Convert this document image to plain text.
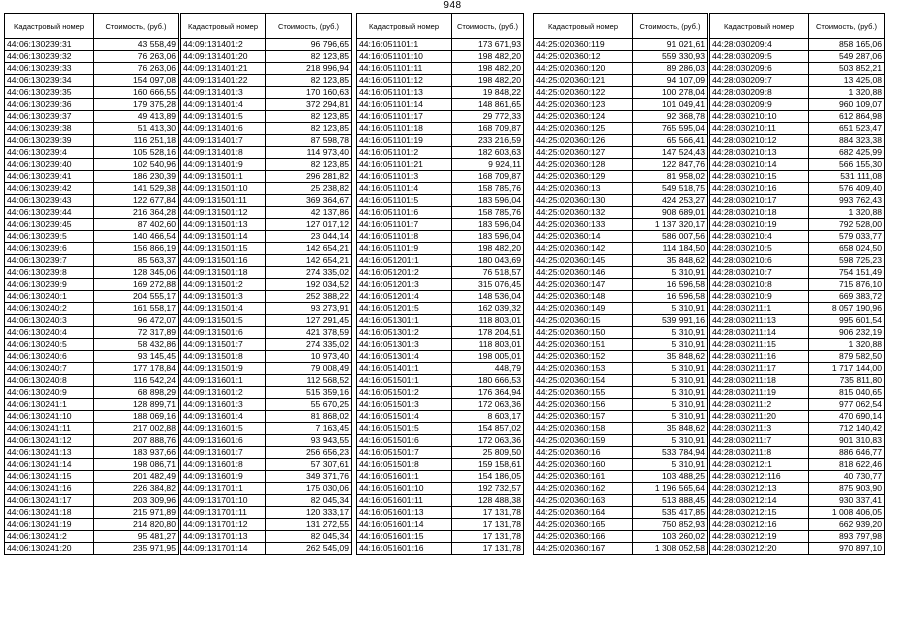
948
Кадастровый номер	Стоимость, (руб.)
44:06:130239:31	43 558,49
44:06:130239:32	76 263,06
44:06:130239:33	76 263,06
44:06:130239:34	154 097,08
44:06:130239:35	160 666,55
44:06:130239:36	179 375,28
44:06:130239:37	49 413,89
44:06:130239:38	51 413,30
44:06:130239:39	116 251,18
44:06:130239:4	105 528,16
44:06:130239:40	102 540,96
44:06:130239:41	186 230,39
44:06:130239:42	141 529,38
44:06:130239:43	122 677,84
44:06:130239:44	216 364,28
44:06:130239:45	87 402,60
44:06:130239:5	140 466,54
44:06:130239:6	156 866,19
44:06:130239:7	85 563,37
44:06:130239:8	128 345,06
44:06:130239:9	169 272,88
44:06:130240:1	204 555,17
44:06:130240:2	161 558,17
44:06:130240:3	96 472,07
44:06:130240:4	72 317,89
44:06:130240:5	58 432,86
44:06:130240:6	93 145,45
44:06:130240:7	177 178,84
44:06:130240:8	116 542,24
44:06:130240:9	68 898,29
44:06:130241:1	128 899,71
44:06:130241:10	188 069,16
44:06:130241:11	217 002,88
44:06:130241:12	207 888,76
44:06:130241:13	183 937,66
44:06:130241:14	198 086,71
44:06:130241:15	201 482,49
44:06:130241:16	226 384,82
44:06:130241:17	203 309,96
44:06:130241:18	215 971,89
44:06:130241:19	214 820,80
44:06:130241:2	95 481,27
44:06:130241:20	235 971,95
Кадастровый номер	Стоимость, (руб.)
44:09:131401:2	96 796,65
44:09:131401:20	82 123,85
44:09:131401:21	218 996,94
44:09:131401:22	82 123,85
44:09:131401:3	170 160,63
44:09:131401:4	372 294,81
44:09:131401:5	82 123,85
44:09:131401:6	82 123,85
44:09:131401:7	87 598,78
44:09:131401:8	114 973,40
44:09:131401:9	82 123,85
44:09:131501:1	296 281,82
44:09:131501:10	25 238,82
44:09:131501:11	369 364,67
44:09:131501:12	42 137,86
44:09:131501:13	127 017,12
44:09:131501:14	23 044,14
44:09:131501:15	142 654,21
44:09:131501:16	142 654,21
44:09:131501:18	274 335,02
44:09:131501:2	192 034,52
44:09:131501:3	252 388,22
44:09:131501:4	93 273,91
44:09:131501:5	127 291,45
44:09:131501:6	421 378,59
44:09:131501:7	274 335,02
44:09:131501:8	10 973,40
44:09:131501:9	79 008,49
44:09:131601:1	112 568,52
44:09:131601:2	515 359,16
44:09:131601:3	55 670,25
44:09:131601:4	81 868,02
44:09:131601:5	7 163,45
44:09:131601:6	93 943,55
44:09:131601:7	256 656,23
44:09:131601:8	57 307,61
44:09:131601:9	349 371,76
44:09:131701:1	175 030,06
44:09:131701:10	82 045,34
44:09:131701:11	120 333,17
44:09:131701:12	131 272,55
44:09:131701:13	82 045,34
44:09:131701:14	262 545,09
Кадастровый номер	Стоимость, (руб.)
44:16:051101:1	173 671,93
44:16:051101:10	198 482,20
44:16:051101:11	198 482,20
44:16:051101:12	198 482,20
44:16:051101:13	19 848,22
44:16:051101:14	148 861,65
44:16:051101:17	29 772,33
44:16:051101:18	168 709,87
44:16:051101:19	233 216,59
44:16:051101:2	182 603,63
44:16:051101:21	9 924,11
44:16:051101:3	168 709,87
44:16:051101:4	158 785,76
44:16:051101:5	183 596,04
44:16:051101:6	158 785,76
44:16:051101:7	183 596,04
44:16:051101:8	183 596,04
44:16:051101:9	198 482,20
44:16:051201:1	180 043,69
44:16:051201:2	76 518,57
44:16:051201:3	315 076,45
44:16:051201:4	148 536,04
44:16:051201:5	162 039,32
44:16:051301:1	118 803,01
44:16:051301:2	178 204,51
44:16:051301:3	118 803,01
44:16:051301:4	198 005,01
44:16:051401:1	448,79
44:16:051501:1	180 666,53
44:16:051501:2	176 364,94
44:16:051501:3	172 063,36
44:16:051501:4	8 603,17
44:16:051501:5	154 857,02
44:16:051501:6	172 063,36
44:16:051501:7	25 809,50
44:16:051501:8	159 158,61
44:16:051601:1	154 186,05
44:16:051601:10	192 732,57
44:16:051601:11	128 488,38
44:16:051601:13	17 131,78
44:16:051601:14	17 131,78
44:16:051601:15	17 131,78
44:16:051601:16	17 131,78
Кадастровый номер	Стоимость, (руб.)
44:25:020360:119	91 021,61
44:25:020360:12	559 330,93
44:25:020360:120	89 286,03
44:25:020360:121	94 107,09
44:25:020360:122	100 278,04
44:25:020360:123	101 049,41
44:25:020360:124	92 368,78
44:25:020360:125	765 595,04
44:25:020360:126	65 566,41
44:25:020360:127	147 524,43
44:25:020360:128	122 847,76
44:25:020360:129	81 958,02
44:25:020360:13	549 518,75
44:25:020360:130	424 253,27
44:25:020360:132	908 689,01
44:25:020360:133	1 137 320,17
44:25:020360:14	586 007,56
44:25:020360:142	114 184,50
44:25:020360:145	35 848,62
44:25:020360:146	5 310,91
44:25:020360:147	16 596,58
44:25:020360:148	16 596,58
44:25:020360:149	5 310,91
44:25:020360:15	539 991,16
44:25:020360:150	5 310,91
44:25:020360:151	5 310,91
44:25:020360:152	35 848,62
44:25:020360:153	5 310,91
44:25:020360:154	5 310,91
44:25:020360:155	5 310,91
44:25:020360:156	5 310,91
44:25:020360:157	5 310,91
44:25:020360:158	35 848,62
44:25:020360:159	5 310,91
44:25:020360:16	533 784,94
44:25:020360:160	5 310,91
44:25:020360:161	103 488,25
44:25:020360:162	1 196 565,64
44:25:020360:163	513 888,45
44:25:020360:164	535 417,85
44:25:020360:165	750 852,93
44:25:020360:166	103 260,02
44:25:020360:167	1 308 052,58
Кадастровый номер	Стоимость, (руб.)
44:28:030209:4	858 165,06
44:28:030209:5	549 287,06
44:28:030209:6	503 852,21
44:28:030209:7	13 425,08
44:28:030209:8	1 320,88
44:28:030209:9	960 109,07
44:28:030210:10	612 864,98
44:28:030210:11	651 523,47
44:28:030210:12	884 323,38
44:28:030210:13	682 425,99
44:28:030210:14	566 155,30
44:28:030210:15	531 111,08
44:28:030210:16	576 409,40
44:28:030210:17	993 762,43
44:28:030210:18	1 320,88
44:28:030210:19	792 528,00
44:28:030210:4	579 033,77
44:28:030210:5	658 024,50
44:28:030210:6	598 725,23
44:28:030210:7	754 151,49
44:28:030210:8	715 876,10
44:28:030210:9	669 383,72
44:28:030211:1	8 057 190,96
44:28:030211:13	995 601,54
44:28:030211:14	906 232,19
44:28:030211:15	1 320,88
44:28:030211:16	879 582,50
44:28:030211:17	1 717 144,00
44:28:030211:18	735 811,80
44:28:030211:19	815 040,65
44:28:030211:2	977 062,54
44:28:030211:20	470 690,14
44:28:030211:3	712 140,42
44:28:030211:7	901 310,83
44:28:030211:8	886 646,77
44:28:030212:1	818 622,46
44:28:030212:116	40 730,77
44:28:030212:13	875 903,90
44:28:030212:14	930 337,41
44:28:030212:15	1 008 406,05
44:28:030212:16	662 939,20
44:28:030212:19	893 797,98
44:28:030212:20	970 897,10
